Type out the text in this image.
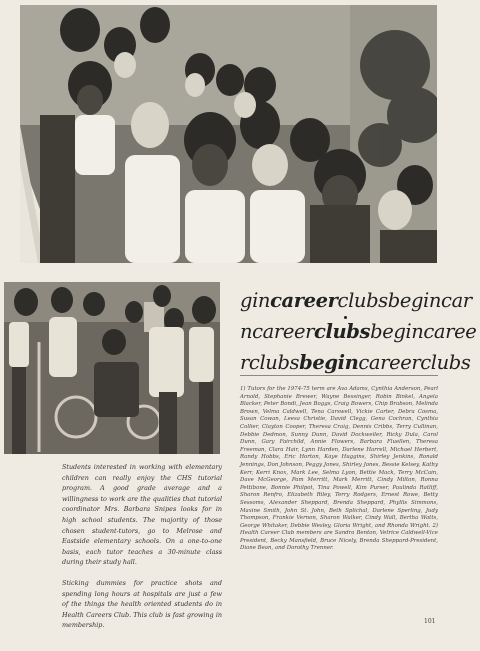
gincareerclubsbegincar
ncareerclubsbegincaree
rclubsbegincareerclubs

Students interested in working with elementary children can really enjoy the CHS tutorial program. A good grade average and a willingness to work are the qualities that tutorial coordinator Mrs. Barbara Snipes looks for in high school students. The majority of those chosen student-tutors, go to Melrose and Eastside elementary schools. On a one-to-one basis, each tutor teaches a 30-minute class during their study hall.

Sticking dummies for practice shots and spending long hours at hospitals are just a few of the things the health oriented students do in Health Careers Club. This club is fast growing in membership.

1) Tutors for the 1974-75 term are Ava Adams, Cynthia Anderson, Pearl Arnold, Stephanie Brewer, Wayne Bessinger, Robin Binkel, Angela Blacker, Peter Bondi, Jean Boggs, Craig Bowers, Chip Brabson, Melinda Brown, Velma Caldwell, Tena Carswell, Vickie Carter, Debra Cosma, Susan Cowan, Leesa Christie, David Clegg, Gena Cochran, Cynthia Collier, Clayton Cooper, Theresa Craig, Dennis Cribbs, Terry Cullinan, Debbie Dedmon, Sunny Dunn, David Dockweiler, Ricky Dula, Carol Dunn, Gary Fairchild, Annie Flowers, Barbara Fluellen, Theresa Freeman, Clara Hair, Lynn Harden, Darlene Harrell, Michael Herbert, Randy Hobbs, Eric Horton, Kaye Huggins, Shirley Jenkins, Ronald Jennings, Don Johnson, Peggy Jones, Shirley Jones, Bessie Kelsey, Kathy Kerr, Kerri Knox, Mark Lee, Selma Lyon, Bettie Mack, Terry McCain, Dave McGeorge, Pam Merritt, Mark Merritt, Cindy Milton, Ronna Pettibone, Bonnie Philpot, Tina Powell, Kim Purser, Paulinda Ratliff, Sharon Renfro, Elizabeth Riley, Terry Rodgers, Ernest Rowe, Betty Sessoms, Alexander Sheppard, Brenda Sheppard, Phyllis Simmons, Maxine Smith, John St. John, Beth Splichal, Darlene Sperling, Judy Thompson, Frankie Vernon, Sharon Walker, Cindy Wall, Bertha Watts, George Whitaker, Debbie Wesley, Gloria Wright, and Rhonda Wright. 2) Health Career Club members are Sandra Benton, Vetrice Caldwell-Vice President, Becky Mansfield, Bruce Nicely, Brenda Sheppard-President, Diane Bean, and Dorothy Trenner.
101
